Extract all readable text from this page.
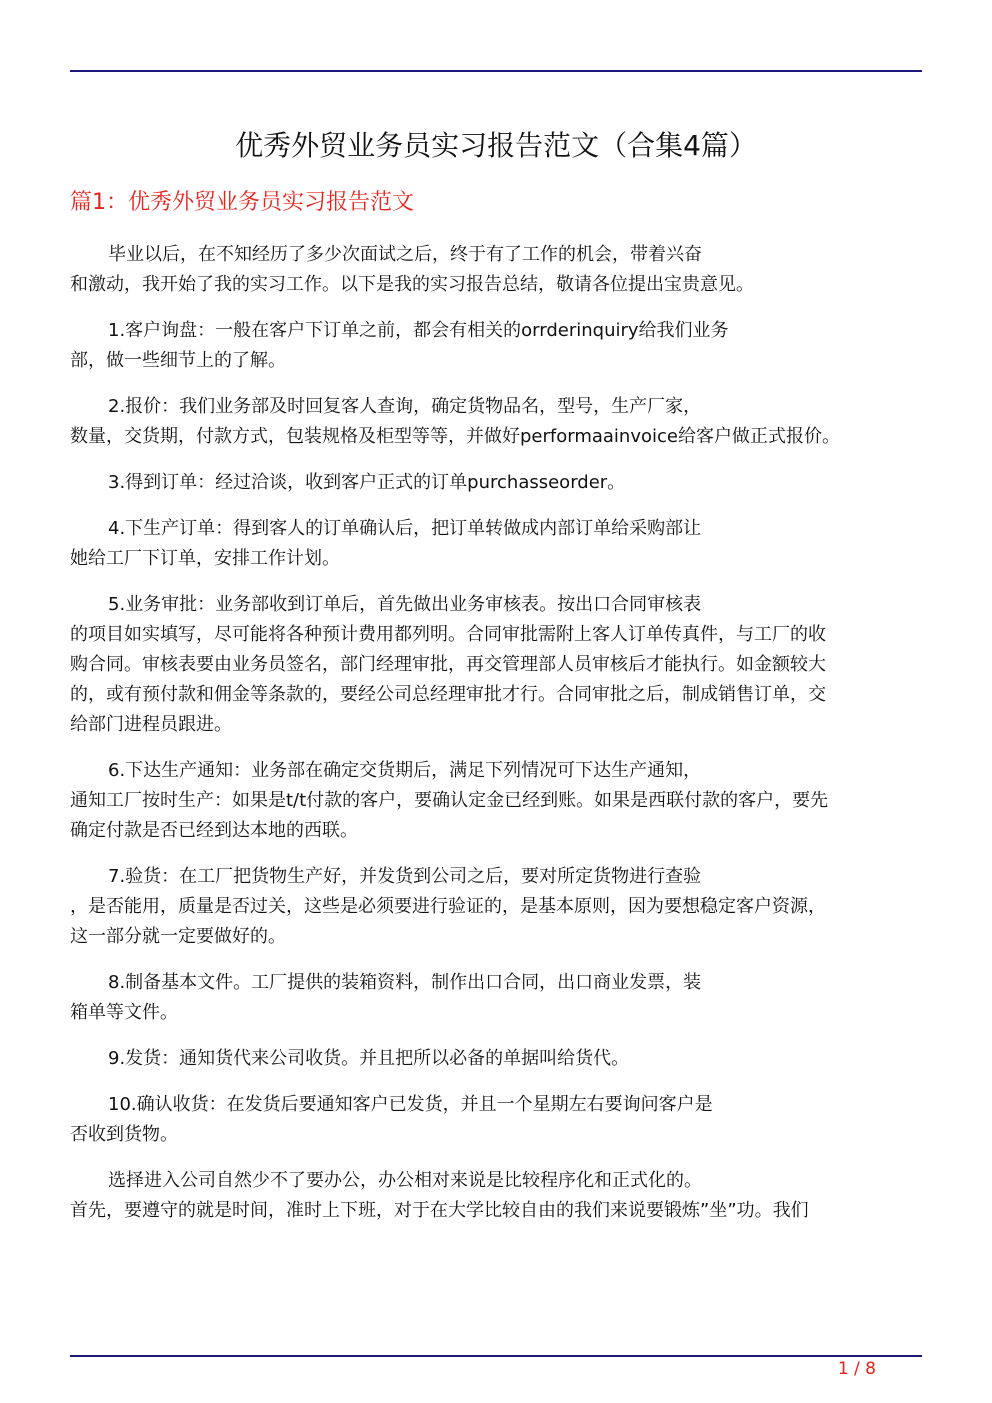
优秀外贸业务员实习报告范文（合集4篇）
篇1：优秀外贸业务员实习报告范文
毕业以后，在不知经历了多少次面试之后，终于有了工作的机会，带着兴奋
和激动，我开始了我的实习工作。以下是我的实习报告总结，敬请各位提出宝贵意见。
1.客户询盘：一般在客户下订单之前，都会有相关的orrderinquiry给我们业务
部，做一些细节上的了解。
2.报价：我们业务部及时回复客人查询，确定货物品名，型号，生产厂家，
数量，交货期，付款方式，包装规格及柜型等等，并做好performaainvoice给客户做正式报价。
3.得到订单：经过洽谈，收到客户正式的订单purchasseorder。
4.下生产订单：得到客人的订单确认后，把订单转做成内部订单给采购部让
她给工厂下订单，安排工作计划。
5.业务审批：业务部收到订单后，首先做出业务审核表。按出口合同审核表
的项目如实填写，尽可能将各种预计费用都列明。合同审批需附上客人订单传真件，与工厂的收
购合同。审核表要由业务员签名，部门经理审批，再交管理部人员审核后才能执行。如金额较大
的，或有预付款和佣金等条款的，要经公司总经理审批才行。合同审批之后，制成销售订单，交
给部门进程员跟进。
6.下达生产通知：业务部在确定交货期后，满足下列情况可下达生产通知，
通知工厂按时生产：如果是t/t付款的客户，要确认定金已经到账。如果是西联付款的客户，要先
确定付款是否已经到达本地的西联。
7.验货：在工厂把货物生产好，并发货到公司之后，要对所定货物进行查验
，是否能用，质量是否过关，这些是必须要进行验证的，是基本原则，因为要想稳定客户资源，
这一部分就一定要做好的。
8.制备基本文件。工厂提供的装箱资料，制作出口合同，出口商业发票，装
箱单等文件。
9.发货：通知货代来公司收货。并且把所以必备的单据叫给货代。
10.确认收货：在发货后要通知客户已发货，并且一个星期左右要询问客户是
否收到货物。
选择进入公司自然少不了要办公，办公相对来说是比较程序化和正式化的。
首先，要遵守的就是时间，准时上下班，对于在大学比较自由的我们来说要锻炼”坐”功。我们
1 / 8
